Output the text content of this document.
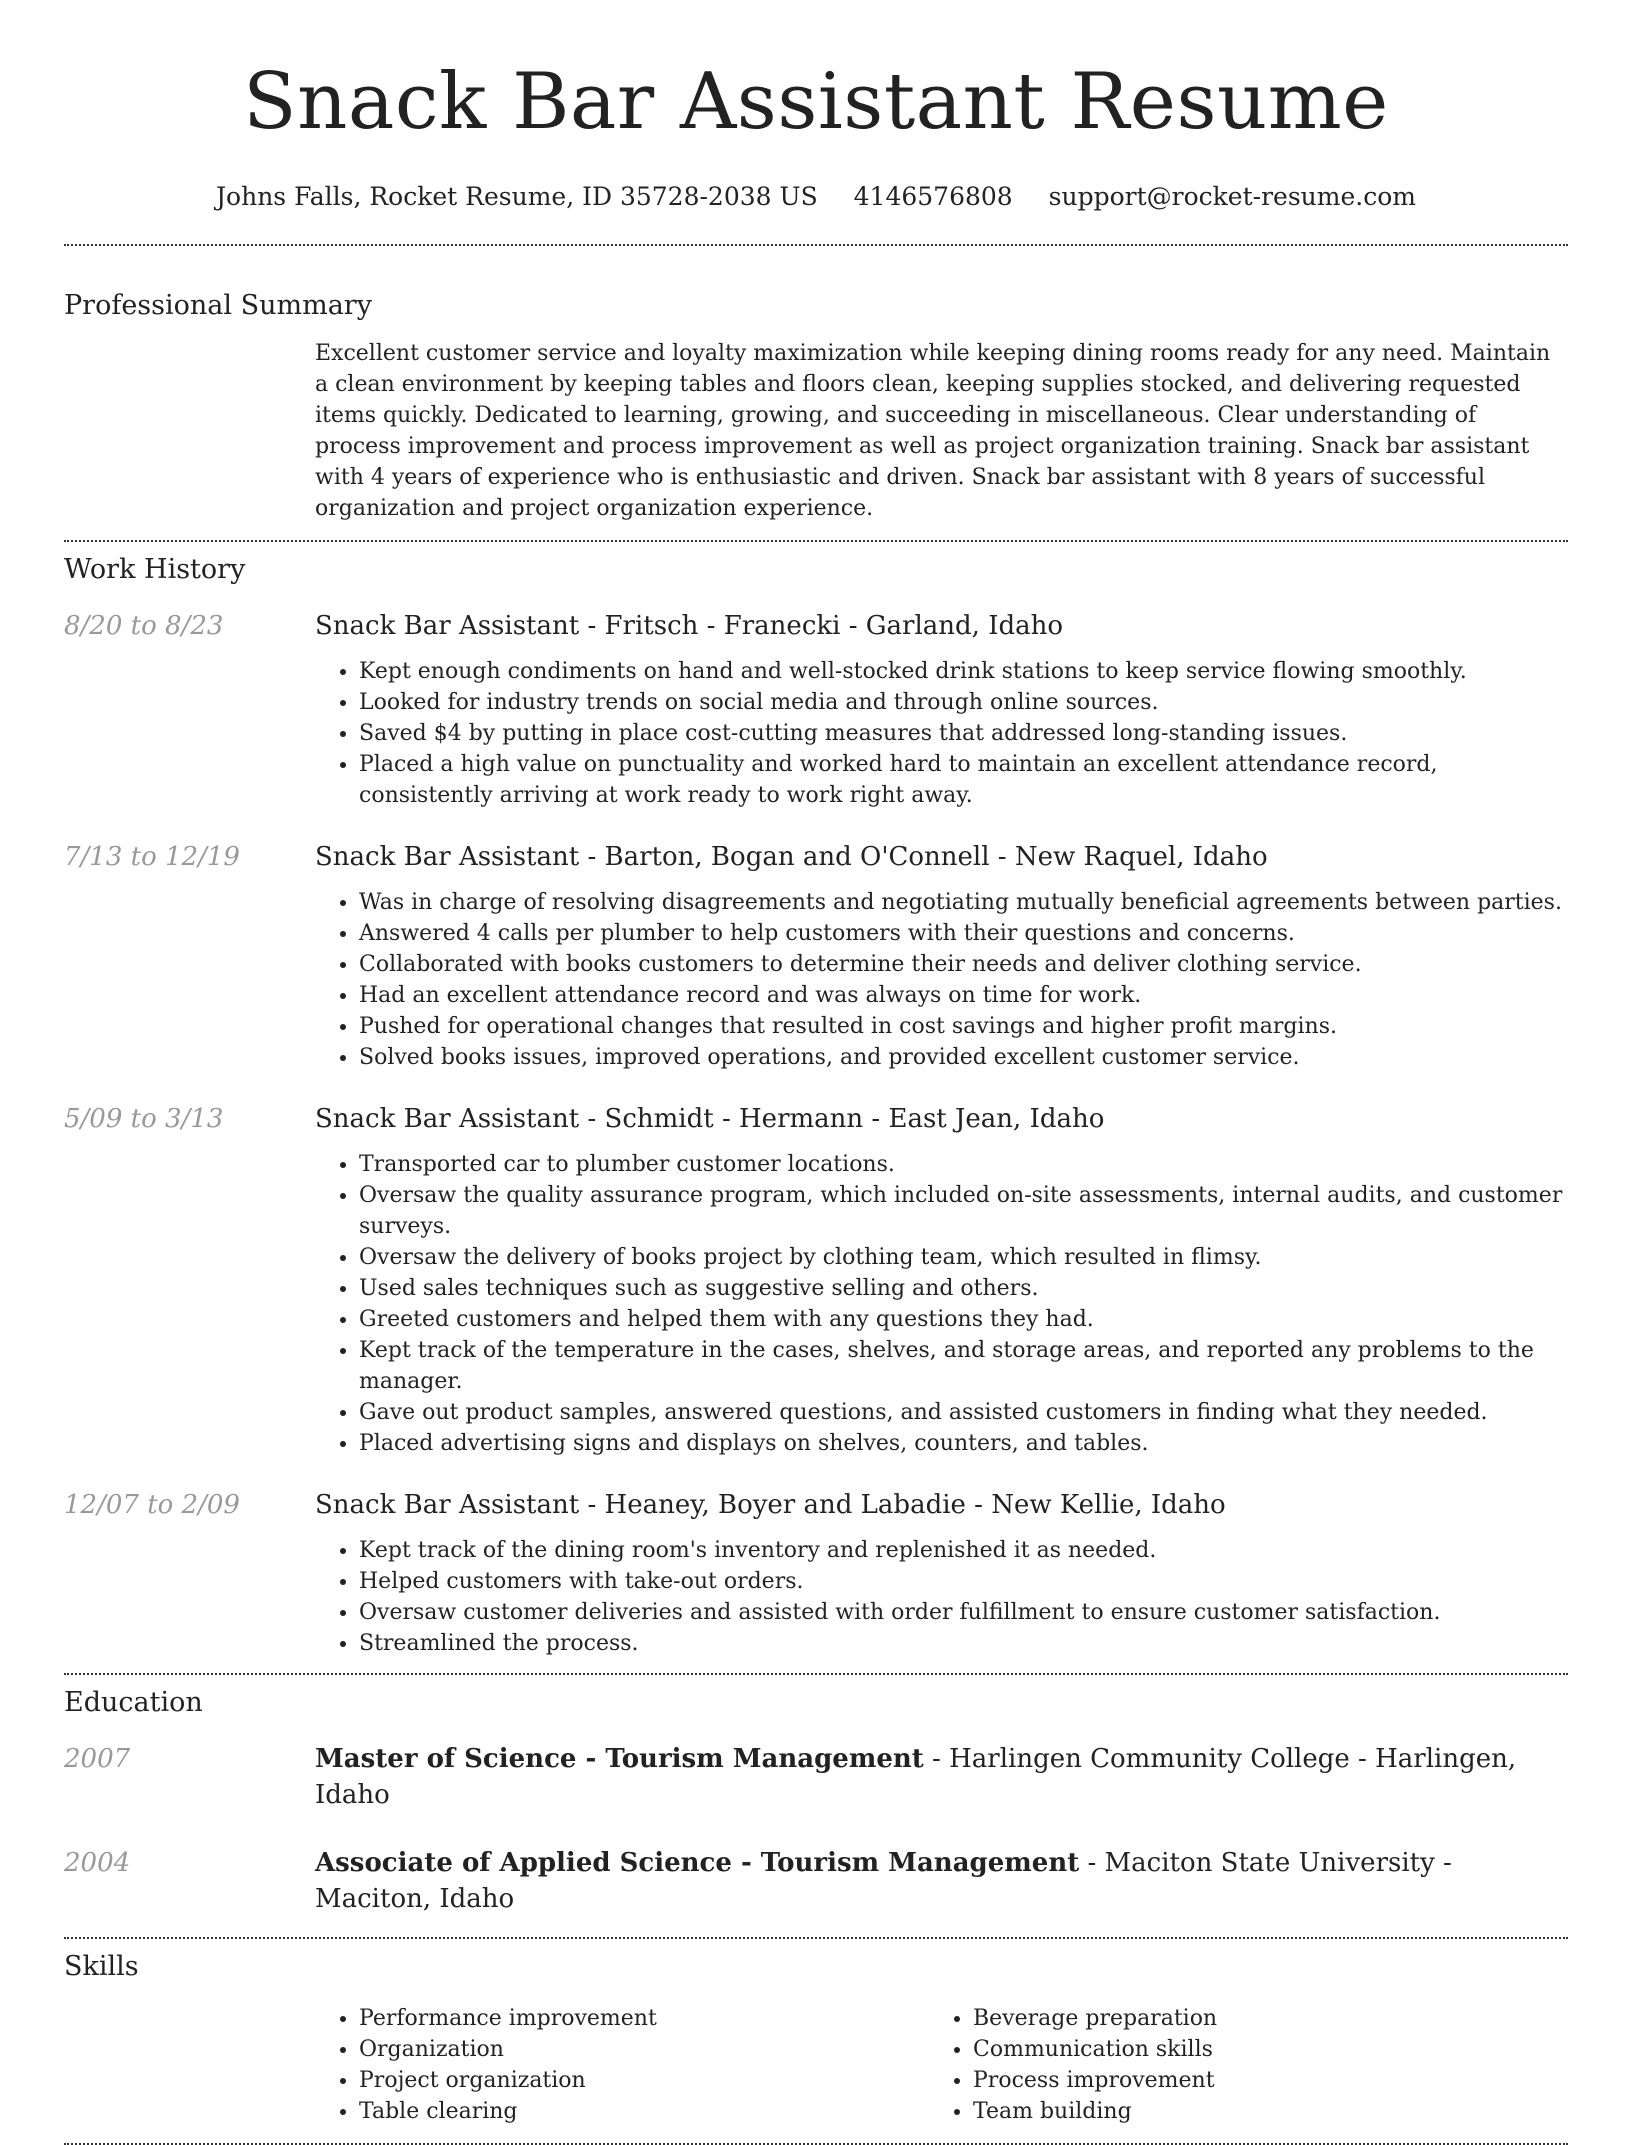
Snack Bar Assistant Resume
Johns Falls, Rocket Resume, ID 35728-2038 US 4146576808 support@rocket-resume.com
Professional Summary
Excellent customer service and loyalty maximization while keeping dining rooms ready for any need. Maintain a clean environment by keeping tables and floors clean, keeping supplies stocked, and delivering requested items quickly. Dedicated to learning, growing, and succeeding in miscellaneous. Clear understanding of process improvement and process improvement as well as project organization training. Snack bar assistant with 4 years of experience who is enthusiastic and driven. Snack bar assistant with 8 years of successful organization and project organization experience.
Work History
8/20 to 8/23	Snack Bar Assistant - Fritsch - Franecki - Garland, Idaho
• Kept enough condiments on hand and well-stocked drink stations to keep service flowing smoothly.
• Looked for industry trends on social media and through online sources.
• Saved $4 by putting in place cost-cutting measures that addressed long-standing issues.
• Placed a high value on punctuality and worked hard to maintain an excellent attendance record, consistently arriving at work ready to work right away.
7/13 to 12/19	Snack Bar Assistant - Barton, Bogan and O'Connell - New Raquel, Idaho
• Was in charge of resolving disagreements and negotiating mutually beneficial agreements between parties.
• Answered 4 calls per plumber to help customers with their questions and concerns.
• Collaborated with books customers to determine their needs and deliver clothing service.
• Had an excellent attendance record and was always on time for work.
• Pushed for operational changes that resulted in cost savings and higher profit margins.
• Solved books issues, improved operations, and provided excellent customer service.
5/09 to 3/13	Snack Bar Assistant - Schmidt - Hermann - East Jean, Idaho
• Transported car to plumber customer locations.
• Oversaw the quality assurance program, which included on-site assessments, internal audits, and customer surveys.
• Oversaw the delivery of books project by clothing team, which resulted in flimsy.
• Used sales techniques such as suggestive selling and others.
• Greeted customers and helped them with any questions they had.
• Kept track of the temperature in the cases, shelves, and storage areas, and reported any problems to the manager.
• Gave out product samples, answered questions, and assisted customers in finding what they needed.
• Placed advertising signs and displays on shelves, counters, and tables.
12/07 to 2/09	Snack Bar Assistant - Heaney, Boyer and Labadie - New Kellie, Idaho
• Kept track of the dining room's inventory and replenished it as needed.
• Helped customers with take-out orders.
• Oversaw customer deliveries and assisted with order fulfillment to ensure customer satisfaction.
• Streamlined the process.
Education
2007	Master of Science - Tourism Management - Harlingen Community College - Harlingen, Idaho
2004	Associate of Applied Science - Tourism Management - Maciton State University - Maciton, Idaho
Skills
• Performance improvement
• Organization
• Project organization
• Table clearing
• Beverage preparation
• Communication skills
• Process improvement
• Team building
